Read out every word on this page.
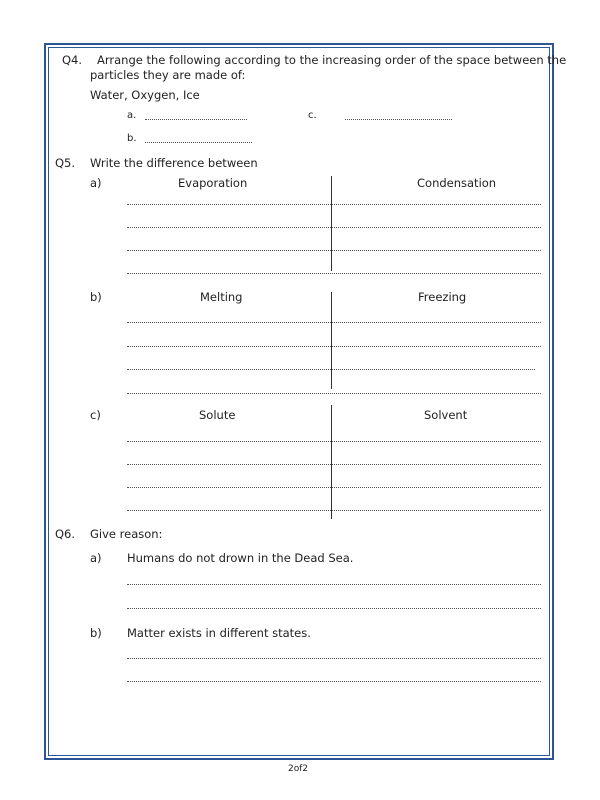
Q4. Arrange the following according to the increasing order of the space between the
particles they are made of:
Water, Oxygen, Ice
a.	c.
b.
Q5. Write the difference between
a)	Evaporation	Condensation
b)	Melting	Freezing
c)	Solute	Solvent
Q6. Give reason:
a) Humans do not drown in the Dead Sea.
b) Matter exists in different states.
2of2
